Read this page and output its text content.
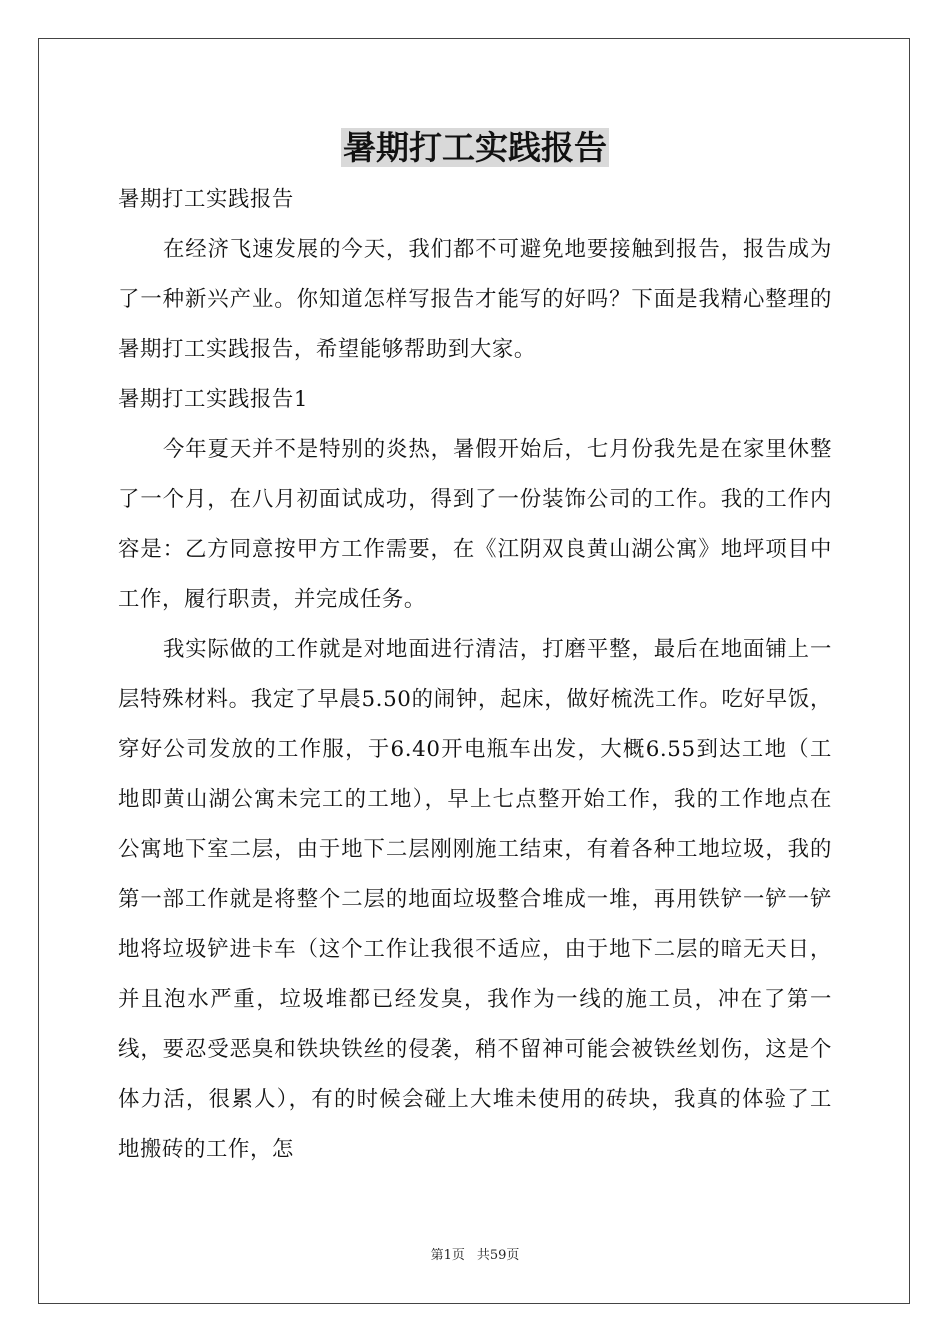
暑期打工实践报告

暑期打工实践报告

在经济飞速发展的今天，我们都不可避免地要接触到报告，报告成为了一种新兴产业。你知道怎样写报告才能写的好吗？下面是我精心整理的暑期打工实践报告，希望能够帮助到大家。

暑期打工实践报告1

今年夏天并不是特别的炎热，暑假开始后，七月份我先是在家里休整了一个月，在八月初面试成功，得到了一份装饰公司的工作。我的工作内容是：乙方同意按甲方工作需要，在《江阴双良黄山湖公寓》地坪项目中工作，履行职责，并完成任务。

我实际做的工作就是对地面进行清洁，打磨平整，最后在地面铺上一层特殊材料。我定了早晨5.50的闹钟，起床，做好梳洗工作。吃好早饭，穿好公司发放的工作服，于6.40开电瓶车出发，大概6.55到达工地（工地即黄山湖公寓未完工的工地），早上七点整开始工作，我的工作地点在公寓地下室二层，由于地下二层刚刚施工结束，有着各种工地垃圾，我的第一部工作就是将整个二层的地面垃圾整合堆成一堆，再用铁铲一铲一铲地将垃圾铲进卡车（这个工作让我很不适应，由于地下二层的暗无天日，并且泡水严重，垃圾堆都已经发臭，我作为一线的施工员，冲在了第一线，要忍受恶臭和铁块铁丝的侵袭，稍不留神可能会被铁丝划伤，这是个体力活，很累人），有的时候会碰上大堆未使用的砖块，我真的体验了工地搬砖的工作，怎

第1页 共59页
